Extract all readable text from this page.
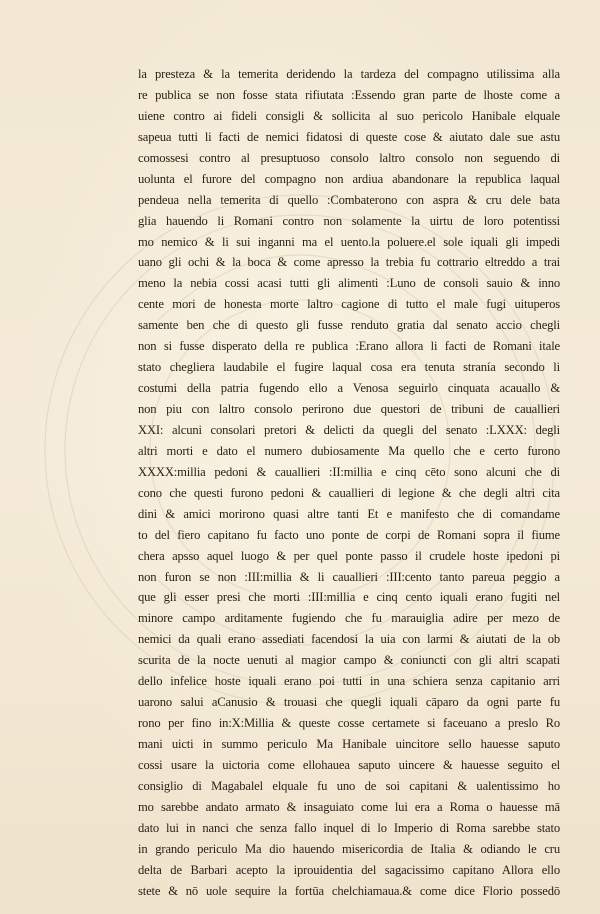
la presteza & la temerita deridendo la tardeza del compagno utilissima alla
re publica se non fosse stata rifiutata :Essendo gran parte de lhoste come a
uiene contro ai fideli consigli & sollicita al suo pericolo Hanibale elquale
sapeua tutti li facti de nemici fidatosi di queste cose & aiutato dale sue astu
comossesi contro al presuptuoso consolo laltro consolo non seguendo di
uolunta el furore del compagno non ardiua abandonare la republica laqual
pendeua nella temerita di quello :Combaterono con aspra & cru dele bata
glia hauendo li Romani contro non solamente la uirtu de loro potentissi
mo nemico & li sui inganni ma el uento.la poluere.el sole iquali gli impedi
uano gli ochi & la boca & come apresso la trebia fu cottrario eltreddo a trai
meno la nebia cossi acasi tutti gli alimenti :Luno de consoli sauio & inno
cente mori de honesta morte laltro cagione di tutto el male fugi uituperos
samente ben che di questo gli fusse renduto gratia dal senato accio chegli
non si fusse disperato della re publica :Erano allora li facti de Romani itale
stato chegliera laudabile el fugire laqual cosa era tenuta stranía secondo li
costumi della patria fugendo ello a Venosa seguirlo cinquata acauallo &
non piu con laltro consolo perirono due questori de tribuni de cauallieri
XXI: alcuni consolari pretori & delicti da quegli del senato :LXXX: degli
altri morti e dato el numero dubiosamente Ma quello che e certo furono
XXXX:millia pedoni & cauallieri :II:millia e cinq cēto sono alcuni che di
cono che questi furono pedoni & cauallieri di legione & che degli altri cita
dini & amici morirono quasi altre tanti Et e manifesto che di comandame
to del fiero capitano fu facto uno ponte de corpi de Romani sopra il fiume
chera apsso aquel luogo & per quel ponte passo il crudele hoste ipedoni pi
non furon se non :III:millia & li cauallieri :III:cento tanto pareua peggio a
que gli esser presi che morti :III:millia e cinq cento iquali erano fugiti nel
minore campo arditamente fugiendo che fu marauiglia adire per mezo de
nemici da quali erano assediati facendosi la uia con larmi & aiutati de la ob
scurita de la nocte uenuti al magior campo & coniuncti con gli altri scapati
dello infelice hoste iquali erano poi tutti in una schiera senza capitanio arri
uarono salui aCanusio & trouasi che quegli iquali cāparo da ogni parte fu
rono per fino in:X:Millia & queste cosse certamete si faceuano a preslo Ro
mani uicti in summo periculo Ma Hanibale uincitore sello hauesse saputo
cossi usare la uictoria come ellohauea saputo uincere & hauesse seguito el
consiglio di Magabalel elquale fu uno de soi capitani & ualentissimo ho
mo sarebbe andato armato & insaguiato come lui era a Roma o hauesse mā
dato lui in nanci che senza fallo inquel di lo Imperio di Roma sarebbe stato
in grando periculo Ma dio hauendo misericordia de Italia & odiando le cru
delta de Barbari acepto la iprouidentia del sagacissimo capitano Allora ello
stete & nō uole sequire la fortūa chelchiamaua.& come dice Florio possedō
